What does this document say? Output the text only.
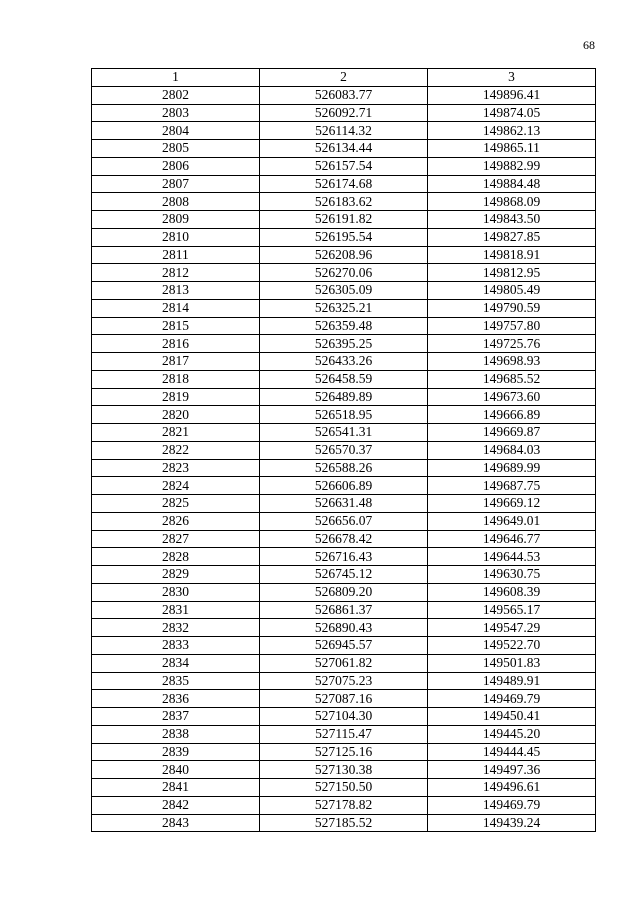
68
1	2	3
2802	526083.77	149896.41
2803	526092.71	149874.05
2804	526114.32	149862.13
2805	526134.44	149865.11
2806	526157.54	149882.99
2807	526174.68	149884.48
2808	526183.62	149868.09
2809	526191.82	149843.50
2810	526195.54	149827.85
2811	526208.96	149818.91
2812	526270.06	149812.95
2813	526305.09	149805.49
2814	526325.21	149790.59
2815	526359.48	149757.80
2816	526395.25	149725.76
2817	526433.26	149698.93
2818	526458.59	149685.52
2819	526489.89	149673.60
2820	526518.95	149666.89
2821	526541.31	149669.87
2822	526570.37	149684.03
2823	526588.26	149689.99
2824	526606.89	149687.75
2825	526631.48	149669.12
2826	526656.07	149649.01
2827	526678.42	149646.77
2828	526716.43	149644.53
2829	526745.12	149630.75
2830	526809.20	149608.39
2831	526861.37	149565.17
2832	526890.43	149547.29
2833	526945.57	149522.70
2834	527061.82	149501.83
2835	527075.23	149489.91
2836	527087.16	149469.79
2837	527104.30	149450.41
2838	527115.47	149445.20
2839	527125.16	149444.45
2840	527130.38	149497.36
2841	527150.50	149496.61
2842	527178.82	149469.79
2843	527185.52	149439.24
